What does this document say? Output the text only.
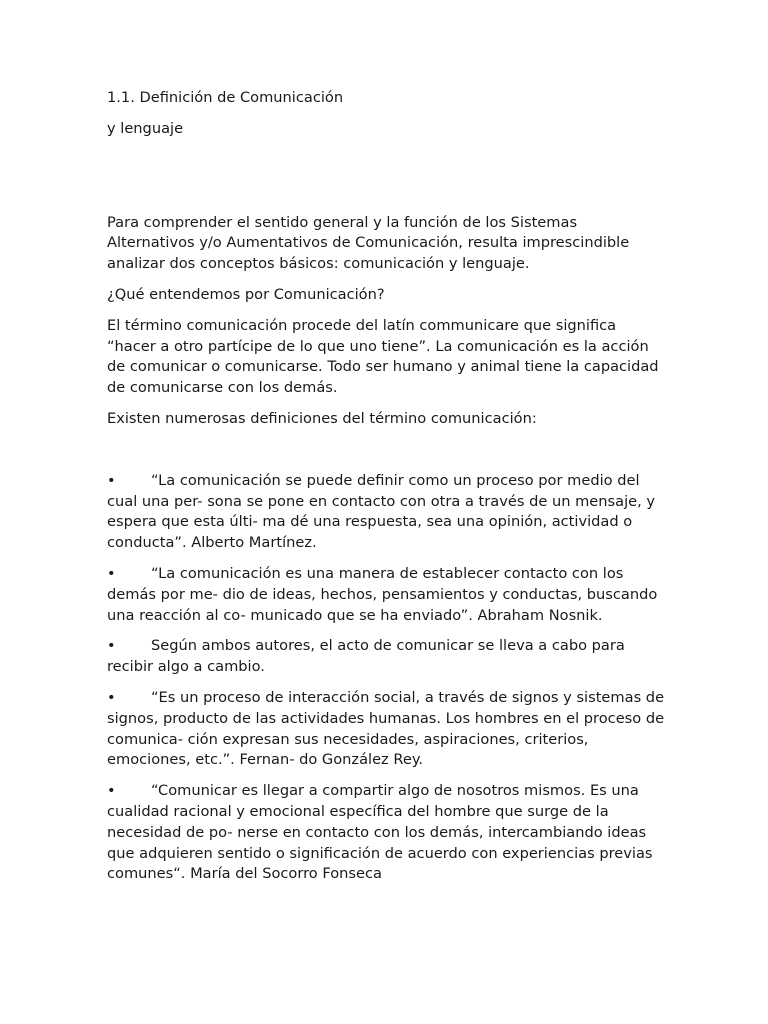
1.1. Definición de Comunicación

y lenguaje

Para comprender el sentido general y la función de los Sistemas Alternativos y/o Aumentativos de Comunicación, resulta imprescindible analizar dos conceptos básicos: comunicación y lenguaje.

¿Qué entendemos por Comunicación?

El término comunicación procede del latín communicare que significa “hacer a otro partícipe de lo que uno tiene”. La comunicación es la acción de comunicar o comunicarse. Todo ser humano y animal tiene la capacidad de comunicarse con los demás.

Existen numerosas definiciones del término comunicación:

• “La comunicación se puede definir como un proceso por medio del cual una per- sona se pone en contacto con otra a través de un mensaje, y espera que esta últi- ma dé una respuesta, sea una opinión, actividad o conducta”. Alberto Martínez.

• “La comunicación es una manera de establecer contacto con los demás por me- dio de ideas, hechos, pensamientos y conductas, buscando una reacción al co- municado que se ha enviado”. Abraham Nosnik.

• Según ambos autores, el acto de comunicar se lleva a cabo para recibir algo a cambio.

• “Es un proceso de interacción social, a través de signos y sistemas de signos, producto de las actividades humanas. Los hombres en el proceso de comunica- ción expresan sus necesidades, aspiraciones, criterios, emociones, etc.”. Fernan- do González Rey.

• “Comunicar es llegar a compartir algo de nosotros mismos. Es una cualidad racional y emocional específica del hombre que surge de la necesidad de po- nerse en contacto con los demás, intercambiando ideas que adquieren sentido o significación de acuerdo con experiencias previas comunes“. María del Socorro Fonseca
